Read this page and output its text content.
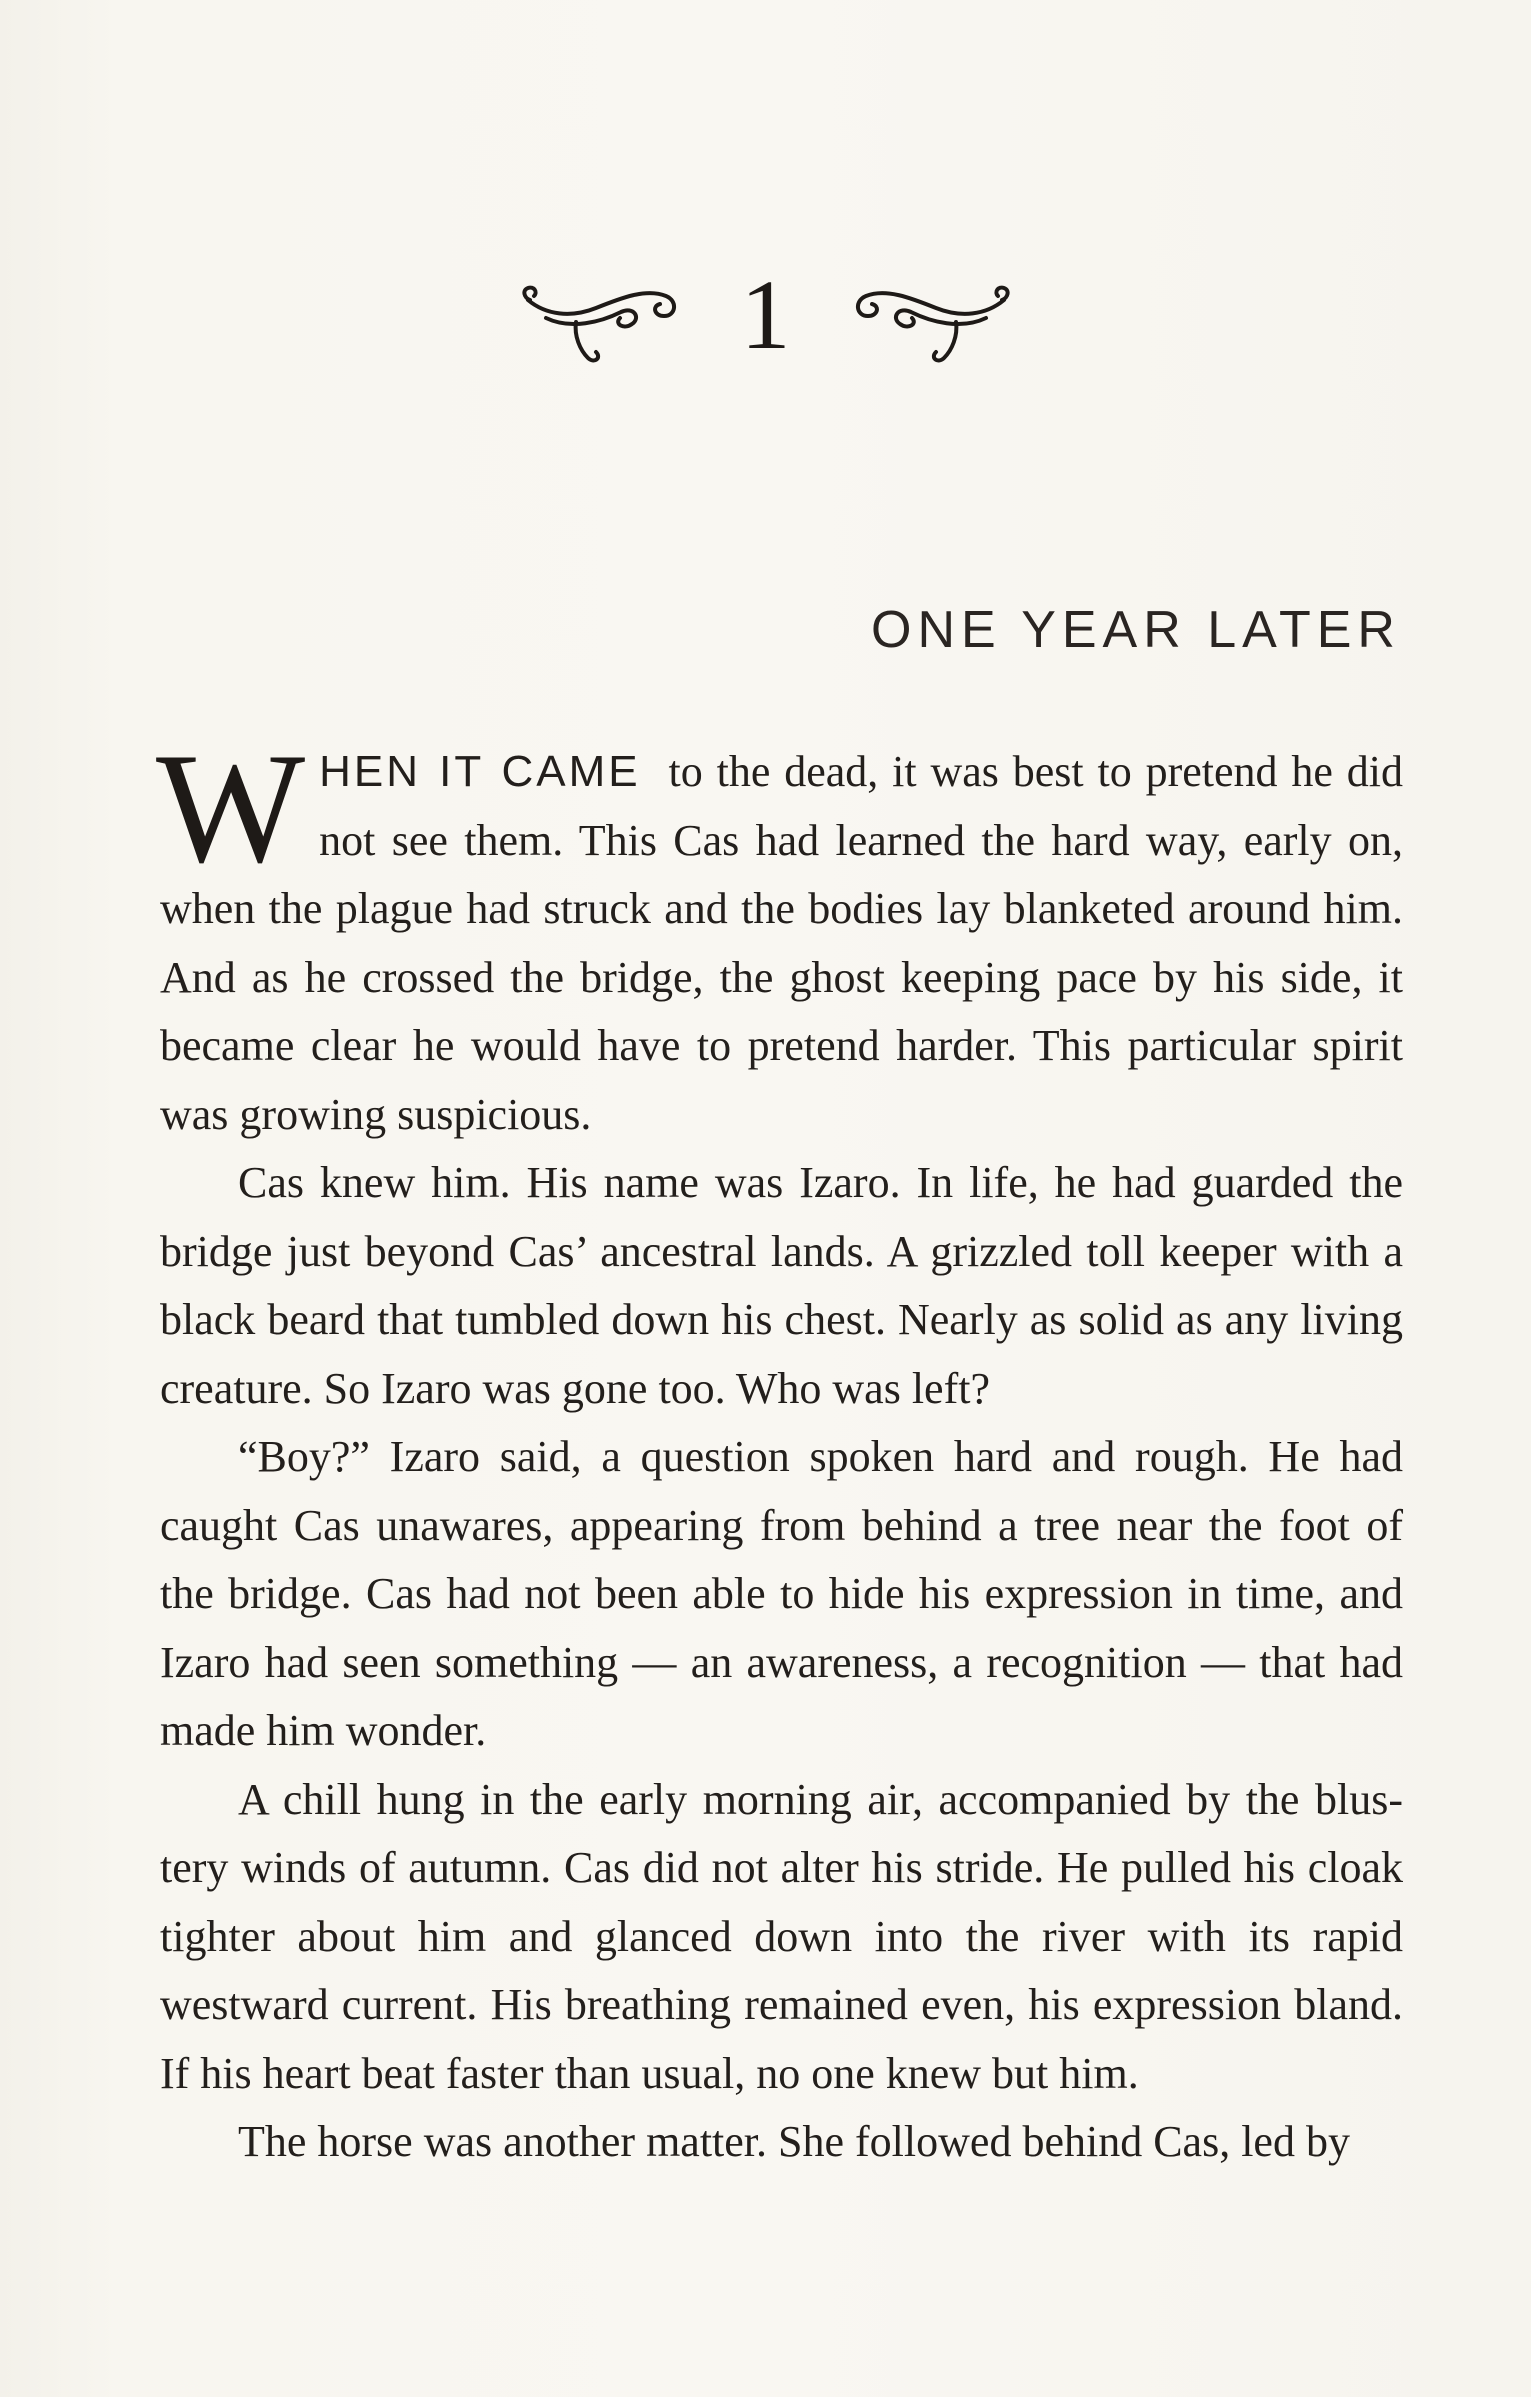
1
ONE YEAR LATER

W HEN IT CAME to the dead, it was best to pretend he did not see them. This Cas had learned the hard way, early on, when the plague had struck and the bodies lay blanketed around him. And as he crossed the bridge, the ghost keeping pace by his side, it became clear he would have to pretend harder. This particular spirit was growing suspicious.

Cas knew him. His name was Izaro. In life, he had guarded the bridge just beyond Cas’ ancestral lands. A grizzled toll keeper with a black beard that tumbled down his chest. Nearly as solid as any living creature. So Izaro was gone too. Who was left?

“Boy?” Izaro said, a question spoken hard and rough. He had caught Cas unawares, appearing from behind a tree near the foot of the bridge. Cas had not been able to hide his expression in time, and Izaro had seen something — an awareness, a recognition — that had made him wonder.

A chill hung in the early morning air, accompanied by the blustery winds of autumn. Cas did not alter his stride. He pulled his cloak tighter about him and glanced down into the river with its rapid westward current. His breathing remained even, his expression bland. If his heart beat faster than usual, no one knew but him.

The horse was another matter. She followed behind Cas, led by
